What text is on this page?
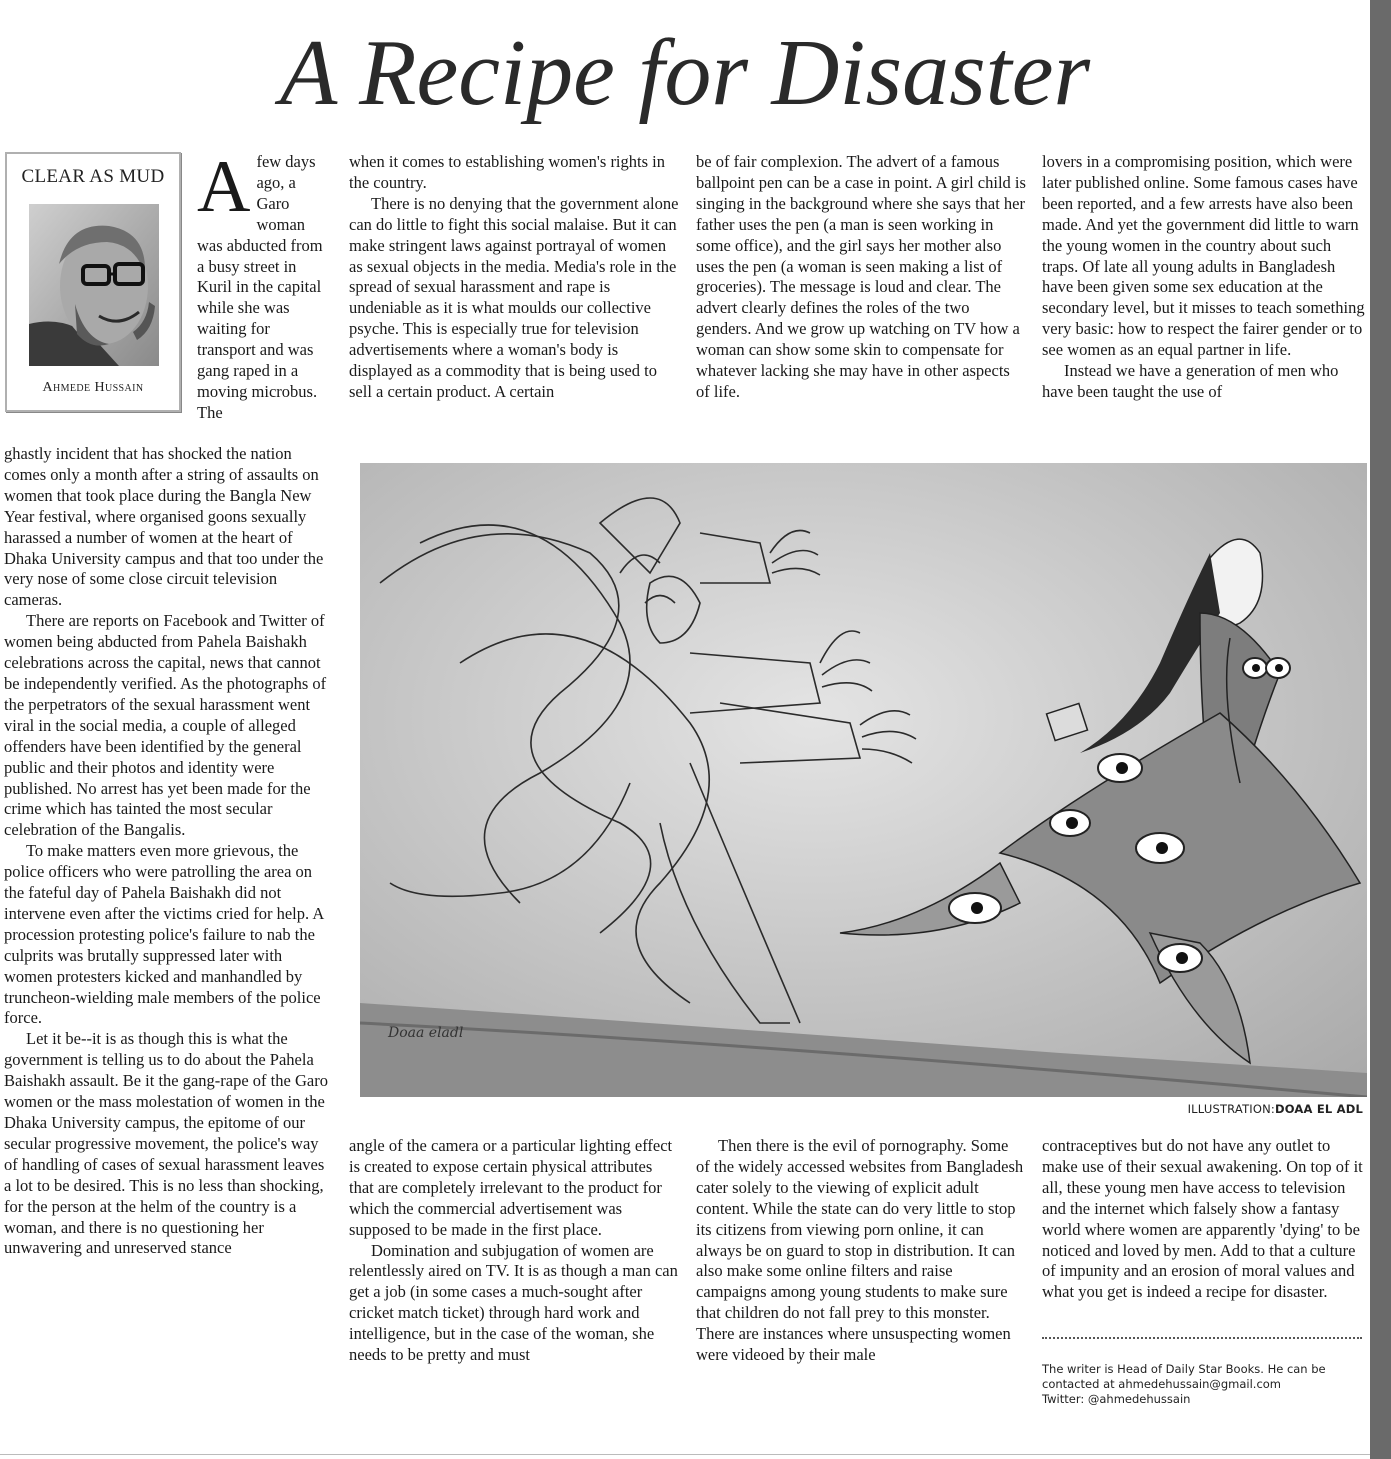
A Recipe for Disaster
CLEAR AS MUD
Ahmede Hussain
Afew days ago, a Garo woman was abducted from a busy street in Kuril in the capital while she was waiting for transport and was gang raped in a moving microbus. The

ghastly incident that has shocked the nation comes only a month after a string of assaults on women that took place during the Bangla New Year festival, where organised goons sexually harassed a number of women at the heart of Dhaka University campus and that too under the very nose of some close circuit television cameras.

There are reports on Facebook and Twitter of women being abducted from Pahela Baishakh celebrations across the capital, news that cannot be independently verified. As the photographs of the perpetrators of the sexual harassment went viral in the social media, a couple of alleged offenders have been identified by the general public and their photos and identity were published. No arrest has yet been made for the crime which has tainted the most secular celebration of the Bangalis.

To make matters even more grievous, the police officers who were patrolling the area on the fateful day of Pahela Baishakh did not intervene even after the victims cried for help. A procession protesting police's failure to nab the culprits was brutally suppressed later with women protesters kicked and manhandled by truncheon-wielding male members of the police force.

Let it be--it is as though this is what the government is telling us to do about the Pahela Baishakh assault. Be it the gang-rape of the Garo women or the mass molestation of women in the Dhaka University campus, the epitome of our secular progressive movement, the police's way of handling of cases of sexual harassment leaves a lot to be desired. This is no less than shocking, for the person at the helm of the country is a woman, and there is no questioning her unwavering and unreserved stance

when it comes to establishing women's rights in the country.

There is no denying that the government alone can do little to fight this social malaise. But it can make stringent laws against portrayal of women as sexual objects in the media. Media's role in the spread of sexual harassment and rape is undeniable as it is what moulds our collective psyche. This is especially true for television advertisements where a woman's body is displayed as a commodity that is being used to sell a certain product. A certain

be of fair complexion. The advert of a famous ballpoint pen can be a case in point. A girl child is singing in the background where she says that her father uses the pen (a man is seen working in some office), and the girl says her mother also uses the pen (a woman is seen making a list of groceries). The message is loud and clear. The advert clearly defines the roles of the two genders. And we grow up watching on TV how a woman can show some skin to compensate for whatever lacking she may have in other aspects of life.

lovers in a compromising position, which were later published online. Some famous cases have been reported, and a few arrests have also been made. And yet the government did little to warn the young women in the country about such traps. Of late all young adults in Bangladesh have been given some sex education at the secondary level, but it misses to teach something very basic: how to respect the fairer gender or to see women as an equal partner in life.

Instead we have a generation of men who have been taught the use of

Doaa eladl
ILLUSTRATION:DOAA EL ADL

angle of the camera or a particular lighting effect is created to expose certain physical attributes that are completely irrelevant to the product for which the commercial advertisement was supposed to be made in the first place.

Domination and subjugation of women are relentlessly aired on TV. It is as though a man can get a job (in some cases a much-sought after cricket match ticket) through hard work and intelligence, but in the case of the woman, she needs to be pretty and must

Then there is the evil of pornography. Some of the widely accessed websites from Bangladesh cater solely to the viewing of explicit adult content. While the state can do very little to stop its citizens from viewing porn online, it can always be on guard to stop in distribution. It can also make some online filters and raise campaigns among young students to make sure that children do not fall prey to this monster. There are instances where unsuspecting women were videoed by their male

contraceptives but do not have any outlet to make use of their sexual awakening. On top of it all, these young men have access to television and the internet which falsely show a fantasy world where women are apparently 'dying' to be noticed and loved by men. Add to that a culture of impunity and an erosion of moral values and what you get is indeed a recipe for disaster.

The writer is Head of Daily Star Books. He can be
contacted at ahmedehussain@gmail.com
Twitter: @ahmedehussain
